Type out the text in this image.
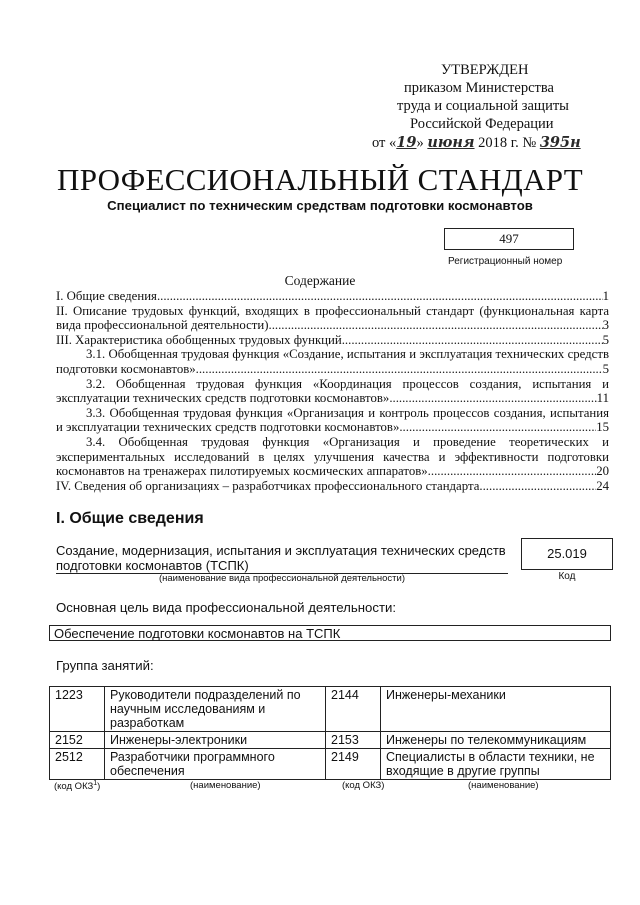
УТВЕРЖДЕН
приказом Министерства
труда и социальной защиты
Российской Федерации
от «19» июня 2018 г. № 395н
ПРОФЕССИОНАЛЬНЫЙ СТАНДАРТ
Специалист по техническим средствам подготовки космонавтов
497
Регистрационный номер
Содержание
I. Общие сведения .....	1
II. Описание трудовых функций, входящих в профессиональный стандарт (функциональная карта
вида профессиональной деятельности) .....	3
III. Характеристика обобщенных трудовых функций .....	5
3.1. Обобщенная трудовая функция «Создание, испытания и эксплуатация технических средств
подготовки космонавтов» .....	5
3.2. Обобщенная трудовая функция «Координация процессов создания, испытания и
эксплуатации технических средств подготовки космонавтов» .....	11
3.3. Обобщенная трудовая функция «Организация и контроль процессов создания, испытания
и эксплуатации технических средств подготовки космонавтов» .....	15
3.4. Обобщенная трудовая функция «Организация и проведение теоретических и
экспериментальных исследований в целях улучшения качества и эффективности подготовки
космонавтов на тренажерах пилотируемых космических аппаратов» .....	20
IV. Сведения об организациях – разработчиках профессионального стандарта .....	24
I. Общие сведения
Создание, модернизация, испытания и эксплуатация технических средств подготовки космонавтов (ТСПК)
(наименование вида профессиональной деятельности)
25.019
Код
Основная цель вида профессиональной деятельности:
Обеспечение подготовки космонавтов на ТСПК
Группа занятий:
1223	Руководители подразделений по научным исследованиям и разработкам	2144	Инженеры-механики
2152	Инженеры-электроники	2153	Инженеры по телекоммуникациям
2512	Разработчики программного обеспечения	2149	Специалисты в области техники, не входящие в другие группы
(код ОКЗ$^1$)	(наименование)	(код ОКЗ)	(наименование)
